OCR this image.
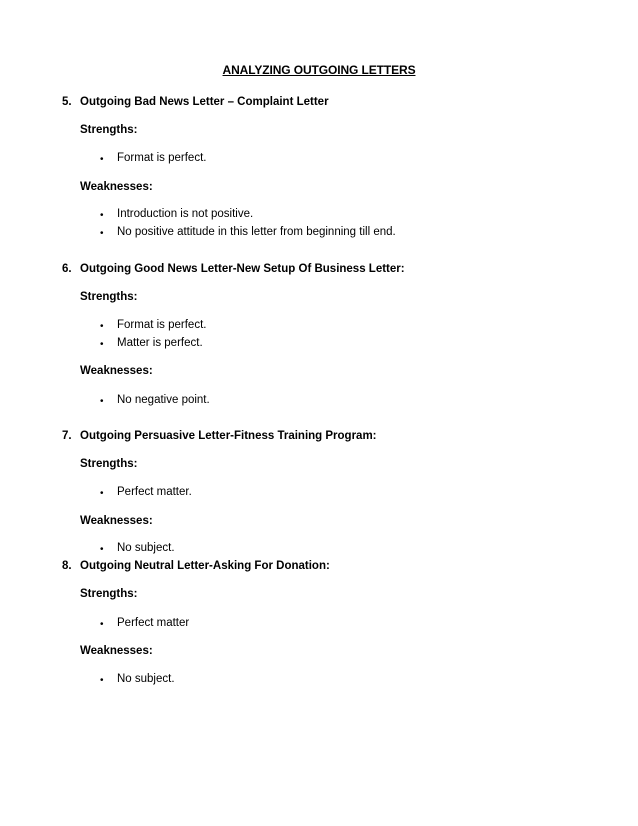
ANALYZING OUTGOING LETTERS
5. Outgoing Bad News Letter – Complaint Letter
Strengths:
• Format is perfect.
Weaknesses:
• Introduction is not positive.
• No positive attitude in this letter from beginning till end.
6. Outgoing Good News Letter-New Setup Of Business Letter:
Strengths:
• Format is perfect.
• Matter is perfect.
Weaknesses:
• No negative point.
7. Outgoing Persuasive Letter-Fitness Training Program:
Strengths:
• Perfect matter.
Weaknesses:
• No subject.
8. Outgoing Neutral Letter-Asking For Donation:
Strengths:
• Perfect matter
Weaknesses:
• No subject.
